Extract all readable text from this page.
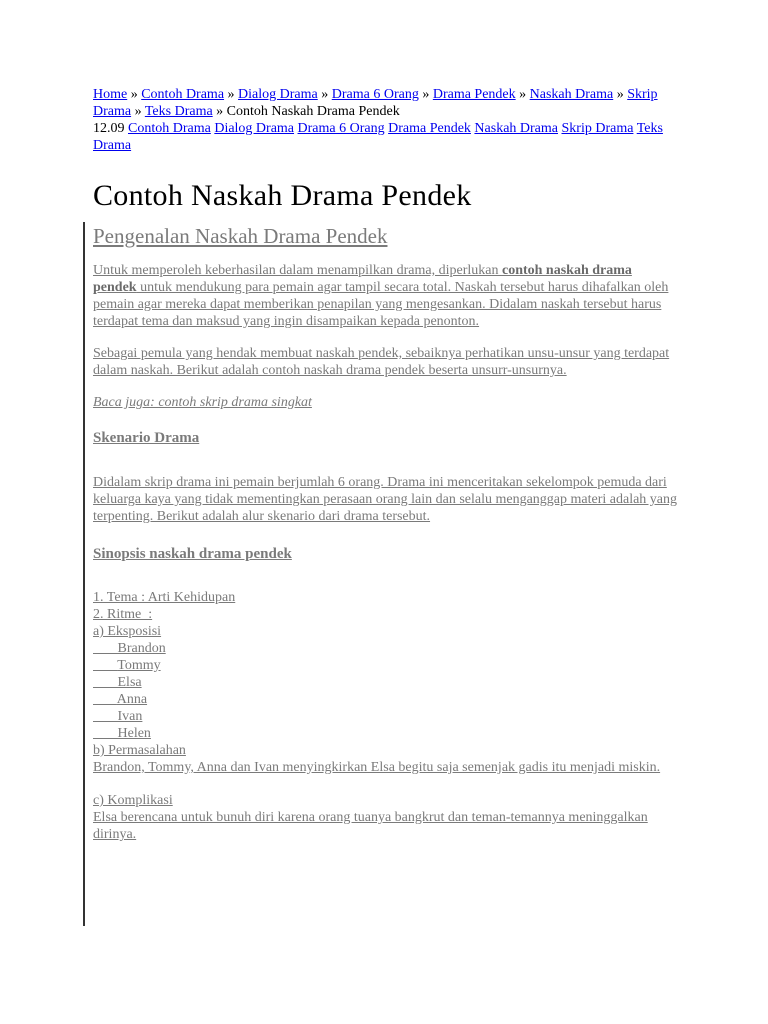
Home » Contoh Drama » Dialog Drama » Drama 6 Orang » Drama Pendek » Naskah Drama » Skrip Drama » Teks Drama » Contoh Naskah Drama Pendek
12.09 Contoh Drama Dialog Drama Drama 6 Orang Drama Pendek Naskah Drama Skrip Drama Teks Drama
Contoh Naskah Drama Pendek
Pengenalan Naskah Drama Pendek

Untuk memperoleh keberhasilan dalam menampilkan drama, diperlukan contoh naskah drama pendek untuk mendukung para pemain agar tampil secara total. Naskah tersebut harus dihafalkan oleh pemain agar mereka dapat memberikan penapilan yang mengesankan. Didalam naskah tersebut harus terdapat tema dan maksud yang ingin disampaikan kepada penonton.

Sebagai pemula yang hendak membuat naskah pendek, sebaiknya perhatikan unsu-unsur yang terdapat dalam naskah. Berikut adalah contoh naskah drama pendek beserta unsurr-unsurnya.

Baca juga: contoh skrip drama singkat

Skenario Drama

Didalam skrip drama ini pemain berjumlah 6 orang. Drama ini menceritakan sekelompok pemuda dari keluarga kaya yang tidak mementingkan perasaan orang lain dan selalu menganggap materi adalah yang terpenting. Berikut adalah alur skenario dari drama tersebut.

Sinopsis naskah drama pendek
1. Tema : Arti Kehidupan
2. Ritme  :
a) Eksposisi
Brandon
Tommy
Elsa
Anna
Ivan
Helen
b) Permasalahan
Brandon, Tommy, Anna dan Ivan menyingkirkan Elsa begitu saja semenjak gadis itu menjadi miskin.
c) Komplikasi
Elsa berencana untuk bunuh diri karena orang tuanya bangkrut dan teman-temannya meninggalkan dirinya.
